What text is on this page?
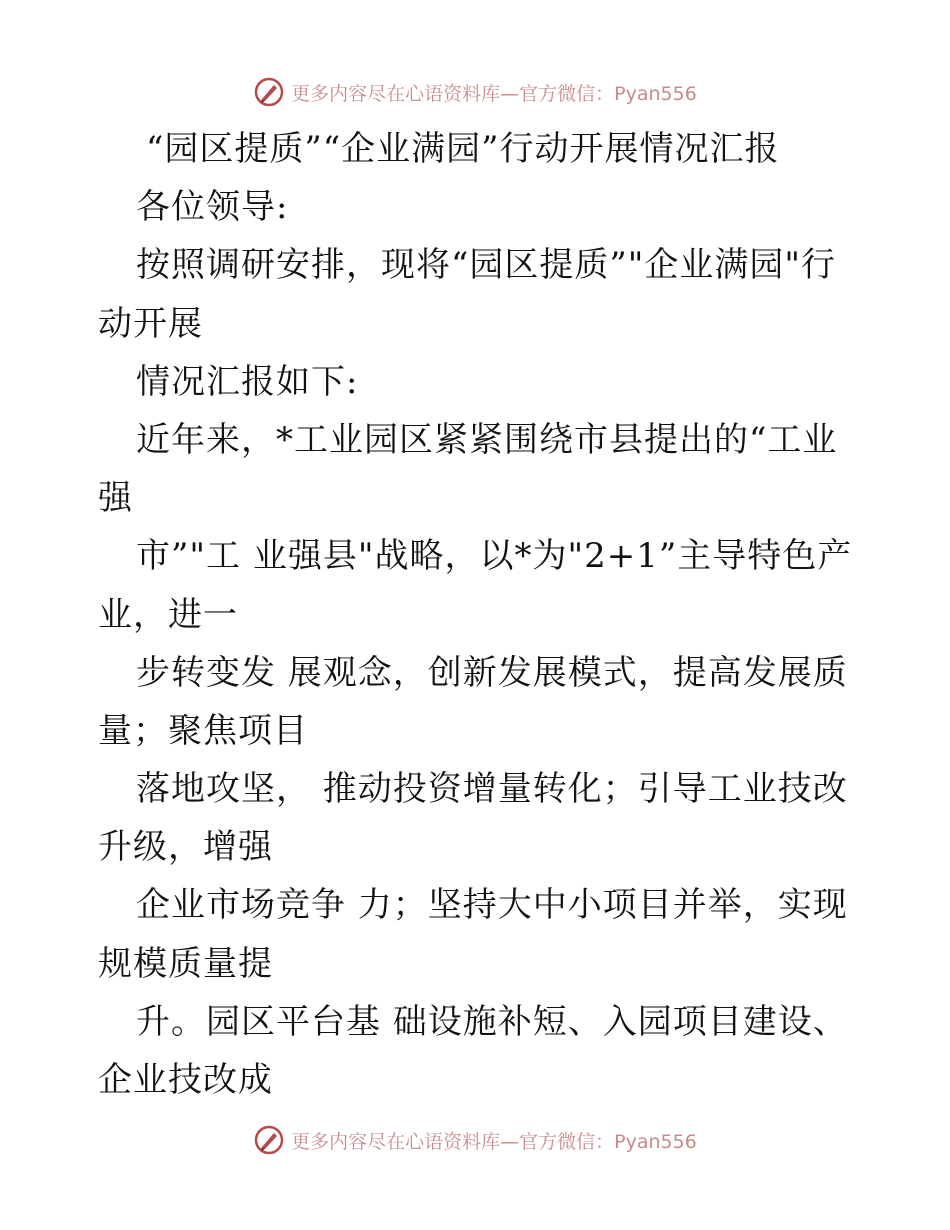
更多内容尽在心语资料库—官方微信：Pyan556
“园区提质”“企业满园”行动开展情况汇报
各位领导:
按照调研安排，现将“园区提质”"企业满园"行
动开展
情况汇报如下:
近年来，*工业园区紧紧围绕市县提出的“工业
强
市”"工 业强县"战略，以*为"2+1”主导特色产
业，进一
步转变发 展观念，创新发展模式，提高发展质
量；聚焦项目
落地攻坚， 推动投资增量转化；引导工业技改
升级，增强
企业市场竞争 力；坚持大中小项目并举，实现
规模质量提
升。园区平台基 础设施补短、入园项目建设、
企业技改成
更多内容尽在心语资料库—官方微信：Pyan556
